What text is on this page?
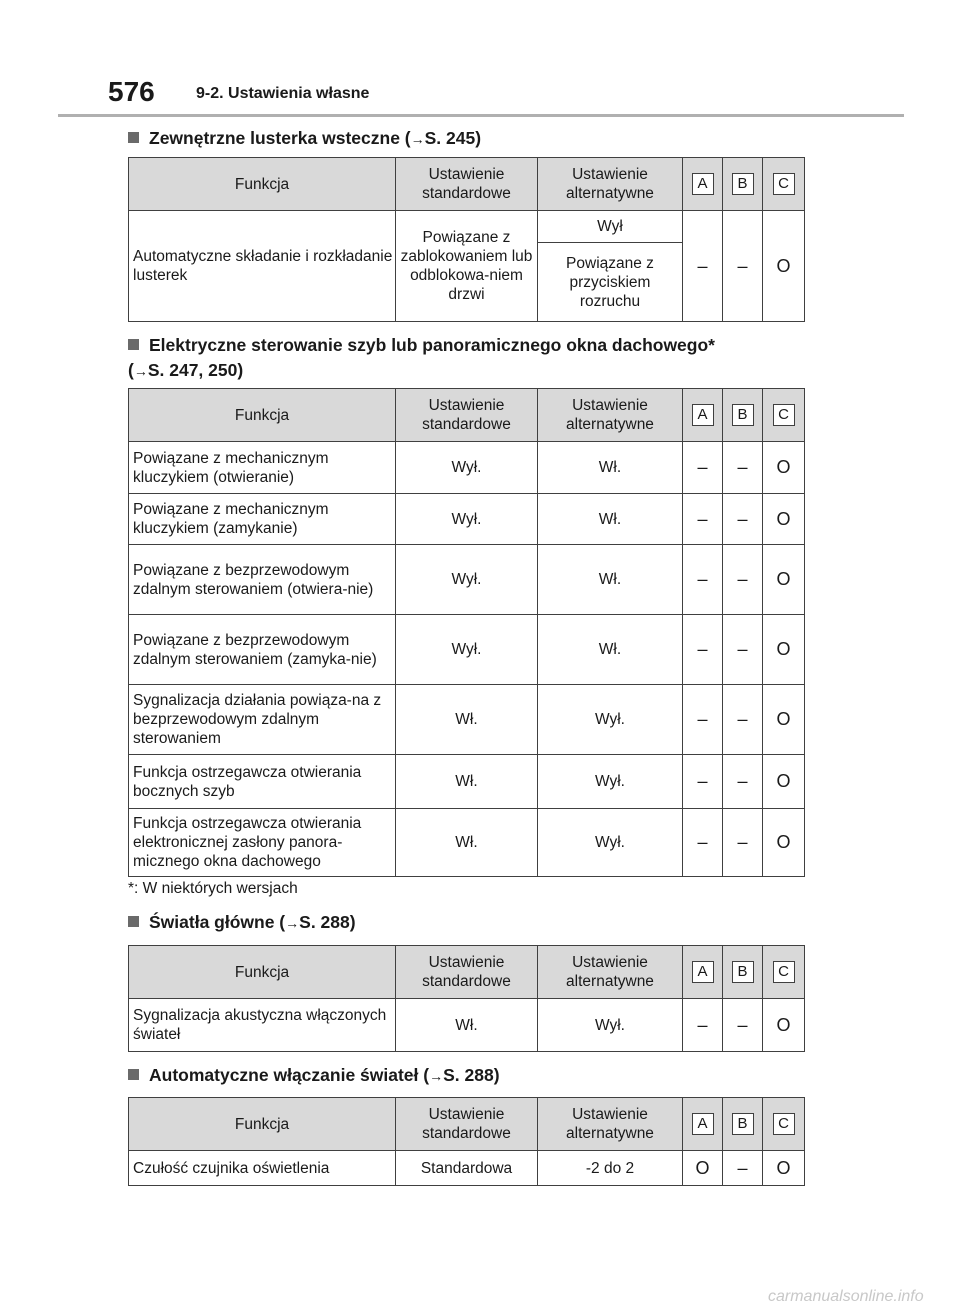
576	9-2. Ustawienia własne
Zewnętrzne lusterka wsteczne (→S. 245)
Funkcja	Ustawienie standardowe	Ustawienie alternatywne	A	B	C
Automatyczne składanie i rozkładanie lusterek	Powiązane z zablokowaniem lub odblokowa-niem drzwi	Wył	–	–	O
		Powiązane z przyciskiem rozruchu			
Elektryczne sterowanie szyb lub panoramicznego okna dachowego*
(→S. 247, 250)
Funkcja	Ustawienie standardowe	Ustawienie alternatywne	A	B	C
Powiązane z mechanicznym kluczykiem (otwieranie)	Wył.	Wł.	–	–	O
Powiązane z mechanicznym kluczykiem (zamykanie)	Wył.	Wł.	–	–	O
Powiązane z bezprzewodowym zdalnym sterowaniem (otwiera-nie)	Wył.	Wł.	–	–	O
Powiązane z bezprzewodowym zdalnym sterowaniem (zamyka-nie)	Wył.	Wł.	–	–	O
Sygnalizacja działania powiąza-na z bezprzewodowym zdalnym sterowaniem	Wł.	Wył.	–	–	O
Funkcja ostrzegawcza otwierania bocznych szyb	Wł.	Wył.	–	–	O
Funkcja ostrzegawcza otwierania elektronicznej zasłony panora-micznego okna dachowego	Wł.	Wył.	–	–	O
*: W niektórych wersjach
Światła główne (→S. 288)
Funkcja	Ustawienie standardowe	Ustawienie alternatywne	A	B	C
Sygnalizacja akustyczna włączonych świateł	Wł.	Wył.	–	–	O
Automatyczne włączanie świateł (→S. 288)
Funkcja	Ustawienie standardowe	Ustawienie alternatywne	A	B	C
Czułość czujnika oświetlenia	Standardowa	-2 do 2	O	–	O
carmanualsonline.info
